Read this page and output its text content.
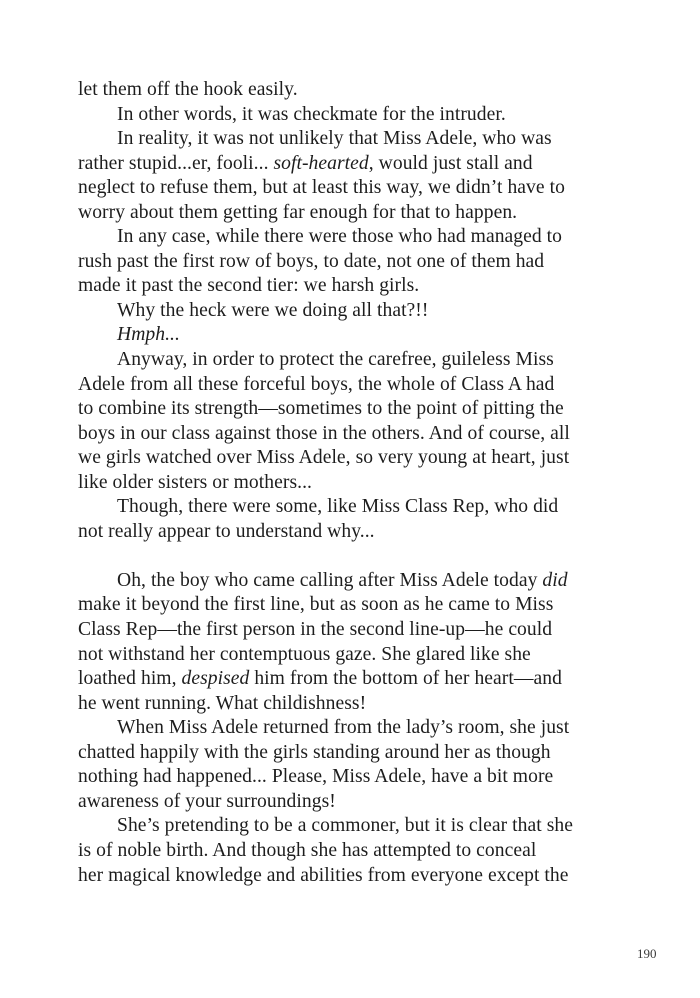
let them off the hook easily.
In other words, it was checkmate for the intruder.
In reality, it was not unlikely that Miss Adele, who was
rather stupid...er, fooli... soft-hearted, would just stall and
neglect to refuse them, but at least this way, we didn’t have to
worry about them getting far enough for that to happen.
In any case, while there were those who had managed to
rush past the first row of boys, to date, not one of them had
made it past the second tier: we harsh girls.
Why the heck were we doing all that?!!
Hmph...
Anyway, in order to protect the carefree, guileless Miss
Adele from all these forceful boys, the whole of Class A had
to combine its strength—sometimes to the point of pitting the
boys in our class against those in the others. And of course, all
we girls watched over Miss Adele, so very young at heart, just
like older sisters or mothers...
Though, there were some, like Miss Class Rep, who did
not really appear to understand why...
Oh, the boy who came calling after Miss Adele today did
make it beyond the first line, but as soon as he came to Miss
Class Rep—the first person in the second line-up—he could
not withstand her contemptuous gaze. She glared like she
loathed him, despised him from the bottom of her heart—and
he went running. What childishness!
When Miss Adele returned from the lady’s room, she just
chatted happily with the girls standing around her as though
nothing had happened... Please, Miss Adele, have a bit more
awareness of your surroundings!
She’s pretending to be a commoner, but it is clear that she
is of noble birth. And though she has attempted to conceal
her magical knowledge and abilities from everyone except the
190
